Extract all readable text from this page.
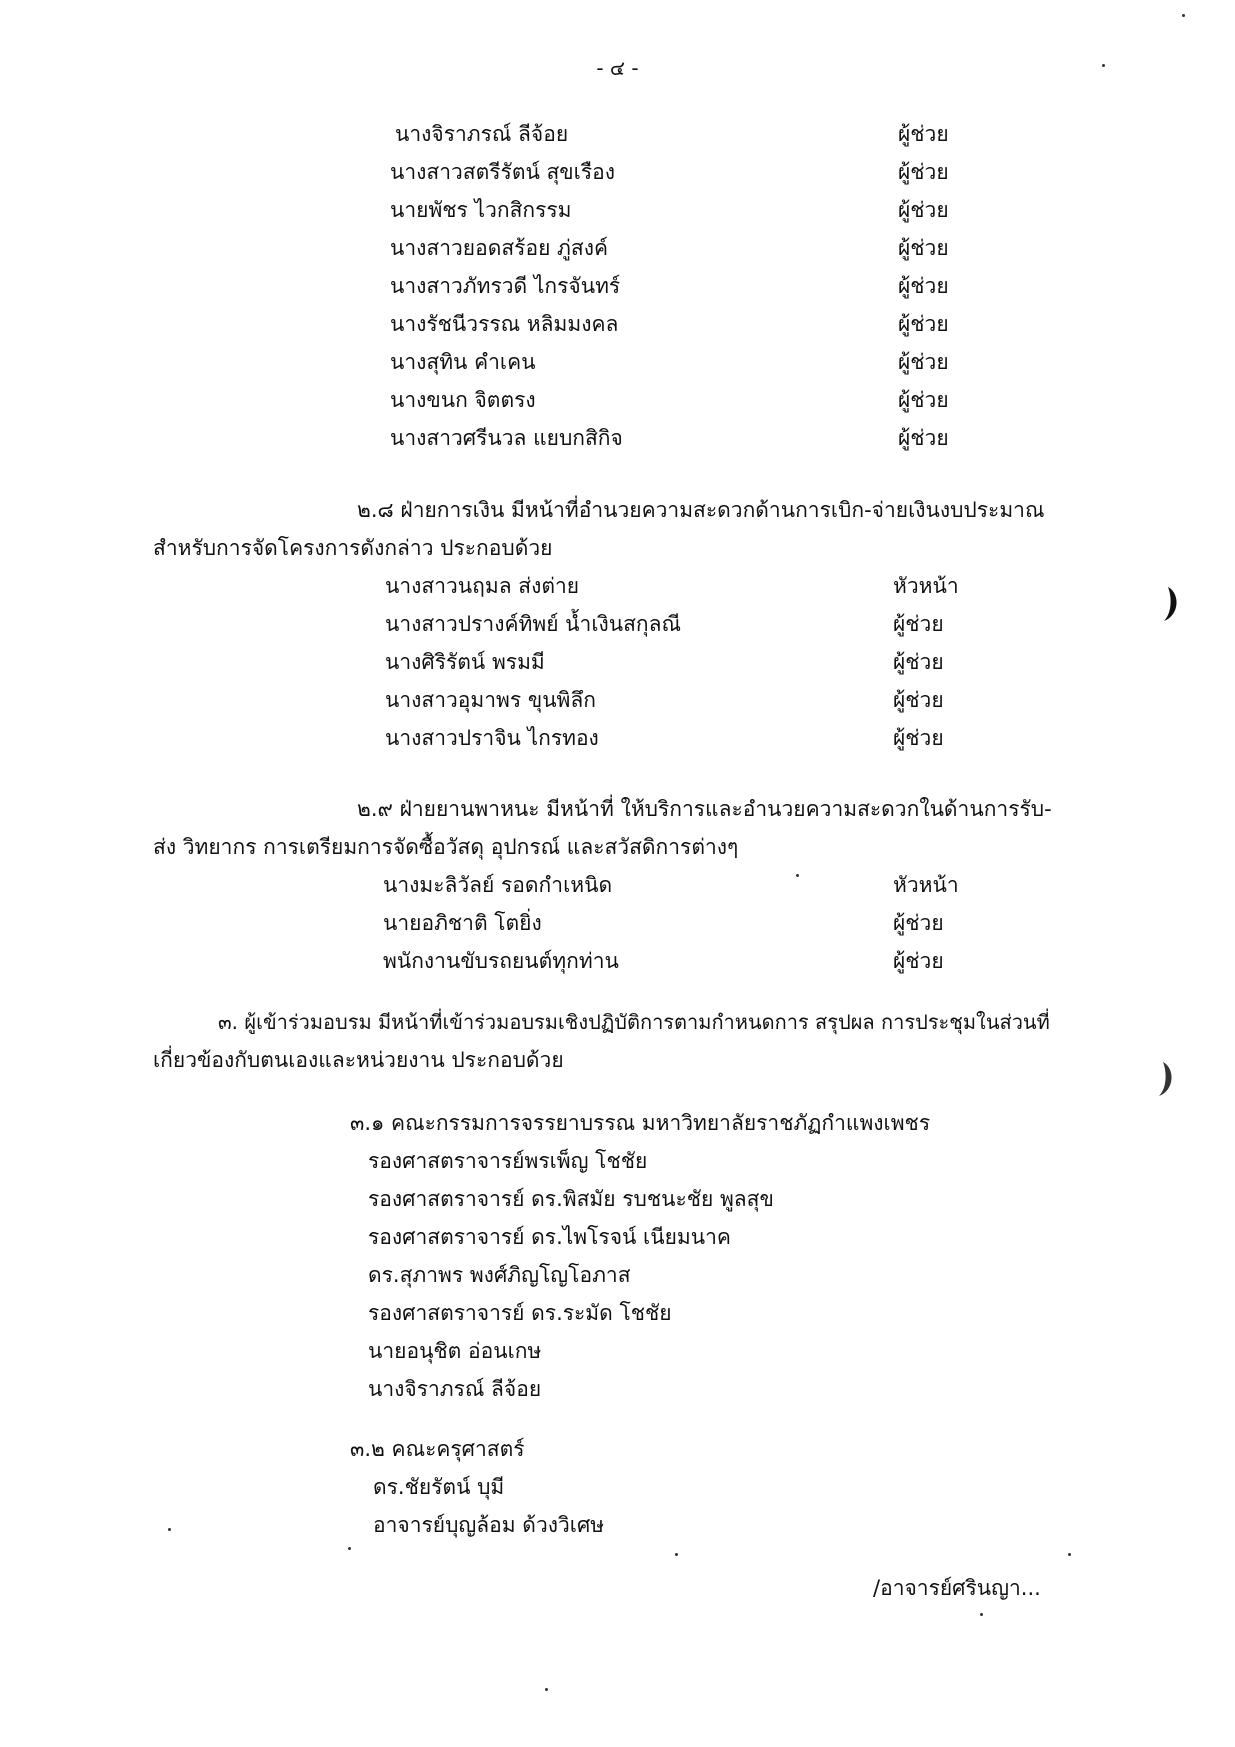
- ๔ -
นางจิราภรณ์ ลีจ้อย	ผู้ช่วย
นางสาวสตรีรัตน์ สุขเรือง	ผู้ช่วย
นายพัชร ไวกสิกรรม	ผู้ช่วย
นางสาวยอดสร้อย ภู่สงค์	ผู้ช่วย
นางสาวภัทรวดี ไกรจันทร์	ผู้ช่วย
นางรัชนีวรรณ หลิมมงคล	ผู้ช่วย
นางสุทิน คำเคน	ผู้ช่วย
นางขนก จิตตรง	ผู้ช่วย
นางสาวศรีนวล แยบกสิกิจ	ผู้ช่วย
๒.๘ ฝ่ายการเงิน มีหน้าที่อำนวยความสะดวกด้านการเบิก-จ่ายเงินงบประมาณ
สำหรับการจัดโครงการดังกล่าว ประกอบด้วย
นางสาวนฤมล ส่งต่าย	หัวหน้า
นางสาวปรางค์ทิพย์ น้ำเงินสกุลณี	ผู้ช่วย
นางศิริรัตน์ พรมมี	ผู้ช่วย
นางสาวอุมาพร ขุนพิลึก	ผู้ช่วย
นางสาวปราจิน ไกรทอง	ผู้ช่วย
๒.๙ ฝ่ายยานพาหนะ มีหน้าที่ ให้บริการและอำนวยความสะดวกในด้านการรับ-
ส่ง วิทยากร การเตรียมการจัดซื้อวัสดุ อุปกรณ์ และสวัสดิการต่างๆ
นางมะลิวัลย์ รอดกำเหนิด	หัวหน้า
นายอภิชาติ โตยิ่ง	ผู้ช่วย
พนักงานขับรถยนต์ทุกท่าน	ผู้ช่วย
๓. ผู้เข้าร่วมอบรม มีหน้าที่เข้าร่วมอบรมเชิงปฏิบัติการตามกำหนดการ สรุปผล การประชุมในส่วนที่
เกี่ยวข้องกับตนเองและหน่วยงาน ประกอบด้วย
๓.๑ คณะกรรมการจรรยาบรรณ มหาวิทยาลัยราชภัฏกำแพงเพชร
รองศาสตราจารย์พรเพ็ญ โชชัย
รองศาสตราจารย์ ดร.พิสมัย รบชนะชัย พูลสุข
รองศาสตราจารย์ ดร.ไพโรจน์ เนียมนาค
ดร.สุภาพร พงศ์ภิญโญโอภาส
รองศาสตราจารย์ ดร.ระมัด โชชัย
นายอนุชิต อ่อนเกษ
นางจิราภรณ์ ลีจ้อย
๓.๒ คณะครุศาสตร์
ดร.ชัยรัตน์ บุมี
อาจารย์บุญล้อม ด้วงวิเศษ
/อาจารย์ศรินญา...
